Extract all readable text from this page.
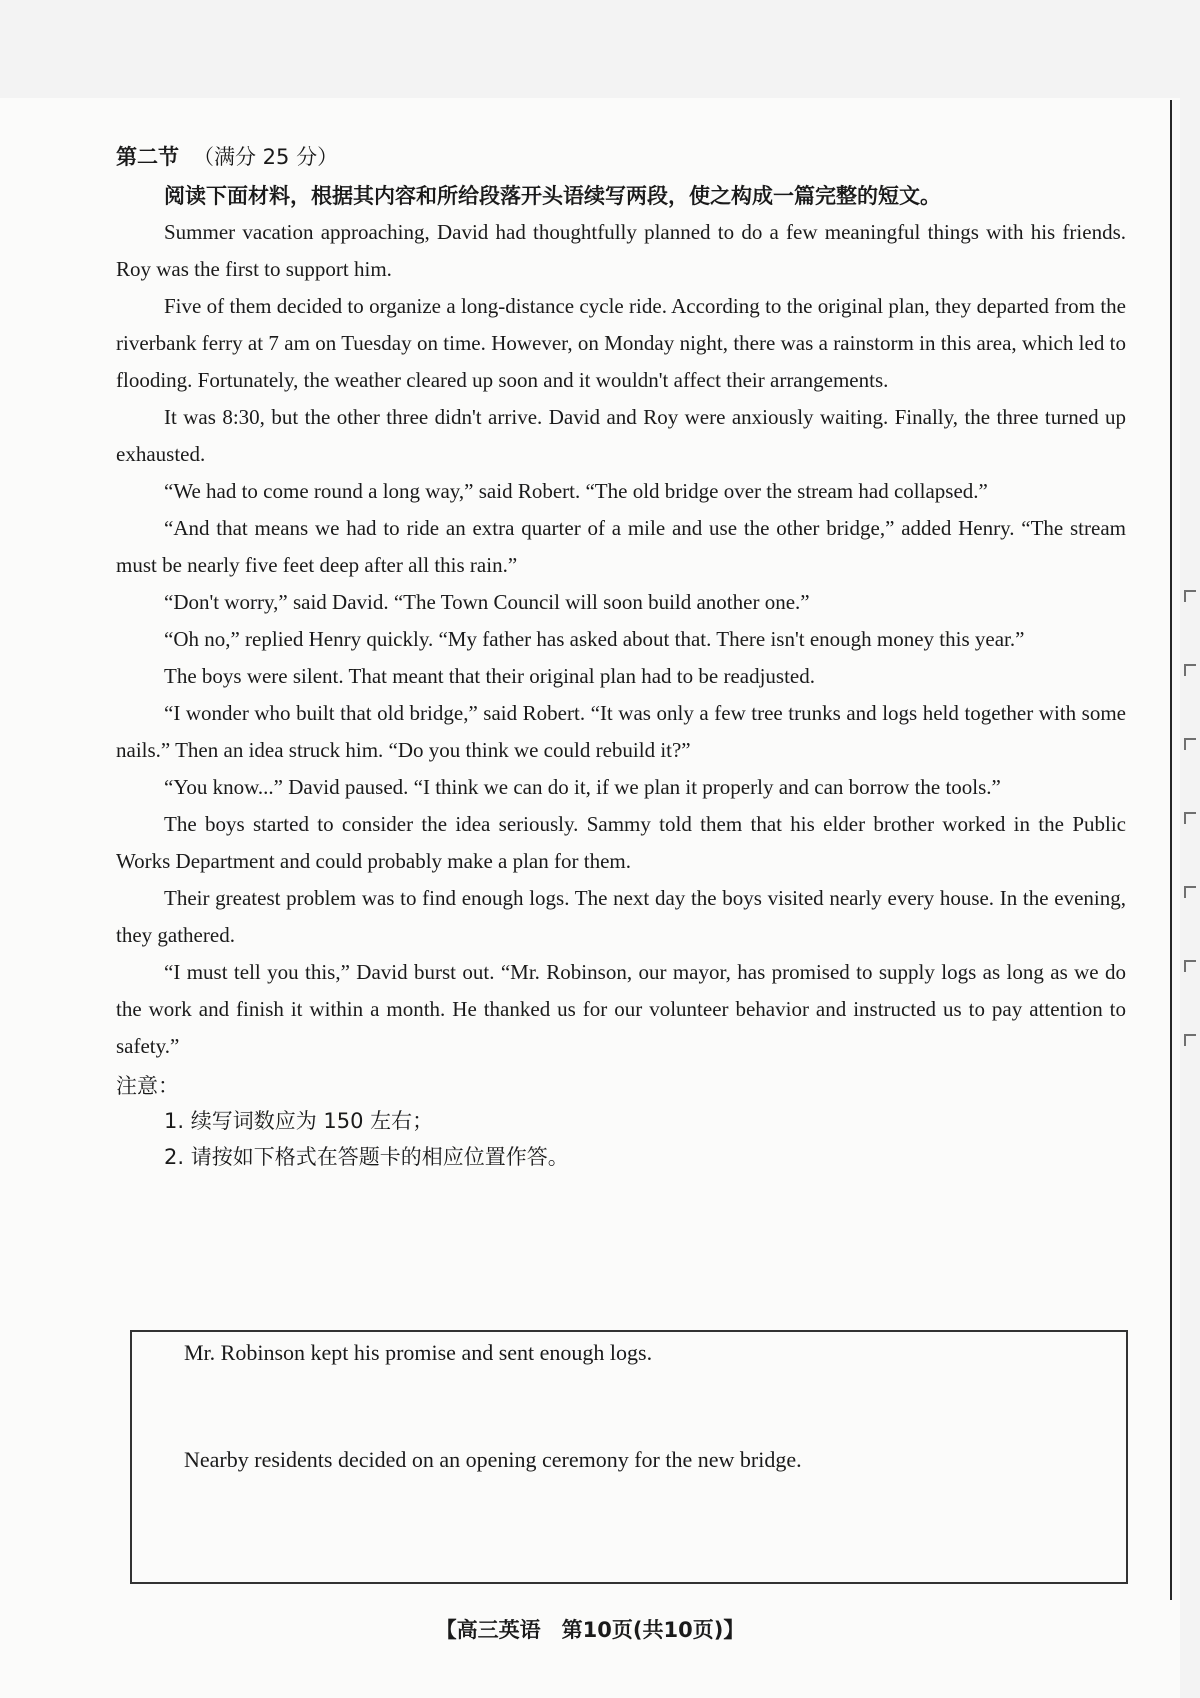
第二节 （满分 25 分）

阅读下面材料，根据其内容和所给段落开头语续写两段，使之构成一篇完整的短文。

Summer vacation approaching, David had thoughtfully planned to do a few meaningful things with his friends. Roy was the first to support him.

Five of them decided to organize a long-distance cycle ride. According to the original plan, they departed from the riverbank ferry at 7 am on Tuesday on time. However, on Monday night, there was a rainstorm in this area, which led to flooding. Fortunately, the weather cleared up soon and it wouldn't affect their arrangements.

It was 8:30, but the other three didn't arrive. David and Roy were anxiously waiting. Finally, the three turned up exhausted.

“We had to come round a long way,” said Robert. “The old bridge over the stream had collapsed.”

“And that means we had to ride an extra quarter of a mile and use the other bridge,” added Henry. “The stream must be nearly five feet deep after all this rain.”

“Don't worry,” said David. “The Town Council will soon build another one.”

“Oh no,” replied Henry quickly. “My father has asked about that. There isn't enough money this year.”

The boys were silent. That meant that their original plan had to be readjusted.

“I wonder who built that old bridge,” said Robert. “It was only a few tree trunks and logs held together with some nails.” Then an idea struck him. “Do you think we could rebuild it?”

“You know...” David paused. “I think we can do it, if we plan it properly and can borrow the tools.”

The boys started to consider the idea seriously. Sammy told them that his elder brother worked in the Public Works Department and could probably make a plan for them.

Their greatest problem was to find enough logs. The next day the boys visited nearly every house. In the evening, they gathered.

“I must tell you this,” David burst out. “Mr. Robinson, our mayor, has promised to supply logs as long as we do the work and finish it within a month. He thanked us for our volunteer behavior and instructed us to pay attention to safety.”

注意：

1. 续写词数应为 150 左右；

2. 请按如下格式在答题卡的相应位置作答。

Mr. Robinson kept his promise and sent enough logs.

Nearby residents decided on an opening ceremony for the new bridge.

【高三英语　第10页(共10页)】
